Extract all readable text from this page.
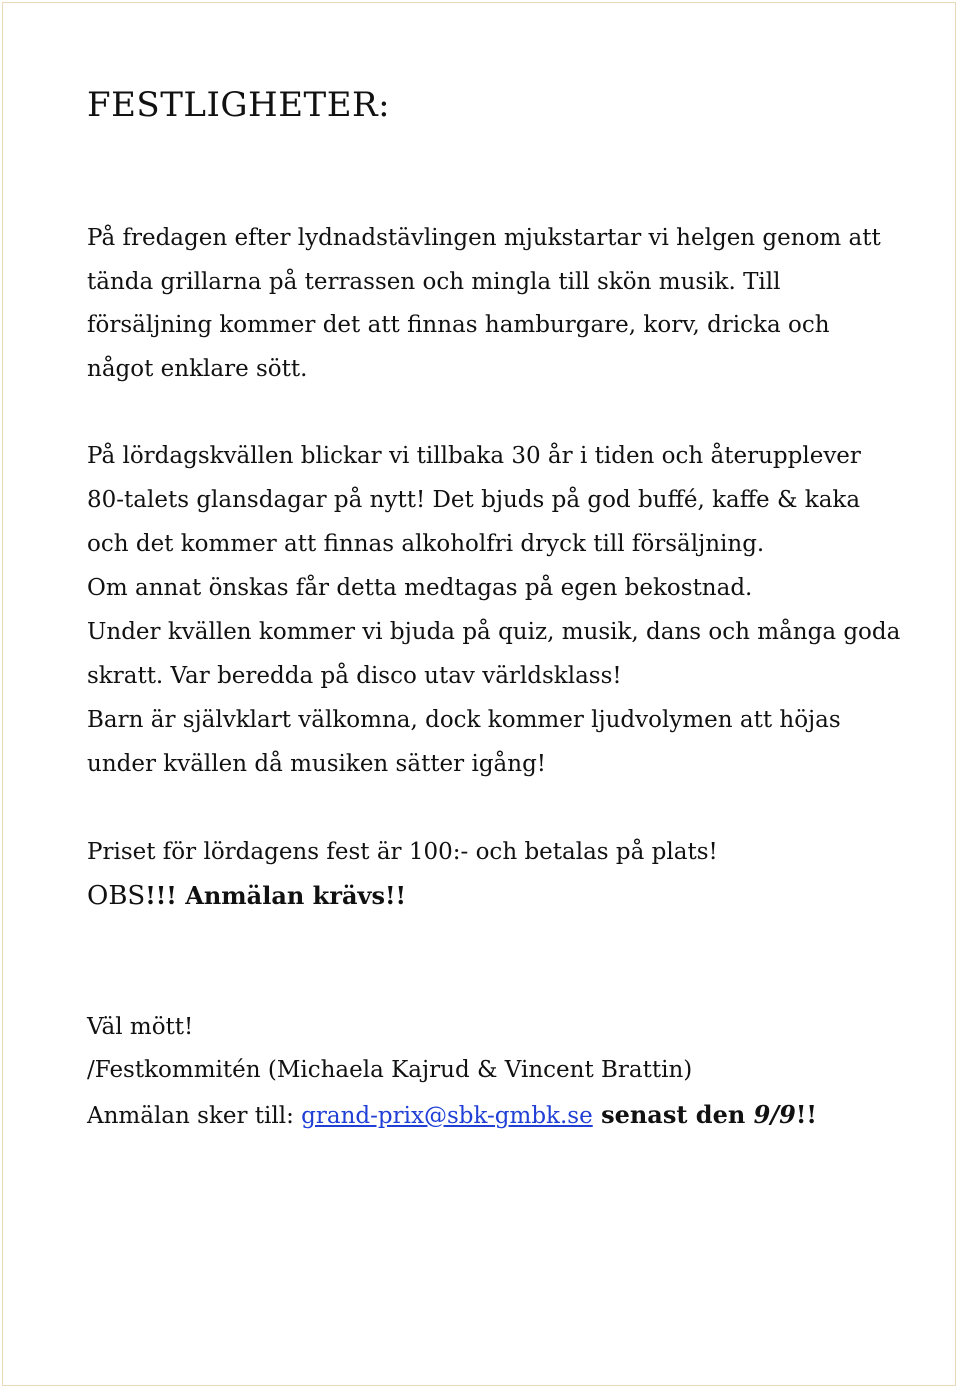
FESTLIGHETER:

På fredagen efter lydnadstävlingen mjukstartar vi helgen genom att

tända grillarna på terrassen och mingla till skön musik. Till

försäljning kommer det att finnas hamburgare, korv, dricka och

något enklare sött.

På lördagskvällen blickar vi tillbaka 30 år i tiden och återupplever

80-talets glansdagar på nytt! Det bjuds på god buffé, kaffe & kaka

och det kommer att finnas alkoholfri dryck till försäljning.

Om annat önskas får detta medtagas på egen bekostnad.

Under kvällen kommer vi bjuda på quiz, musik, dans och många goda

skratt. Var beredda på disco utav världsklass!

Barn är självklart välkomna, dock kommer ljudvolymen att höjas

under kvällen då musiken sätter igång!

Priset för lördagens fest är 100:- och betalas på plats!

OBS!!! Anmälan krävs!!

Väl mött!

/Festkommitén (Michaela Kajrud & Vincent Brattin)

Anmälan sker till: grand-prix@sbk-gmbk.se senast den 9/9!!
